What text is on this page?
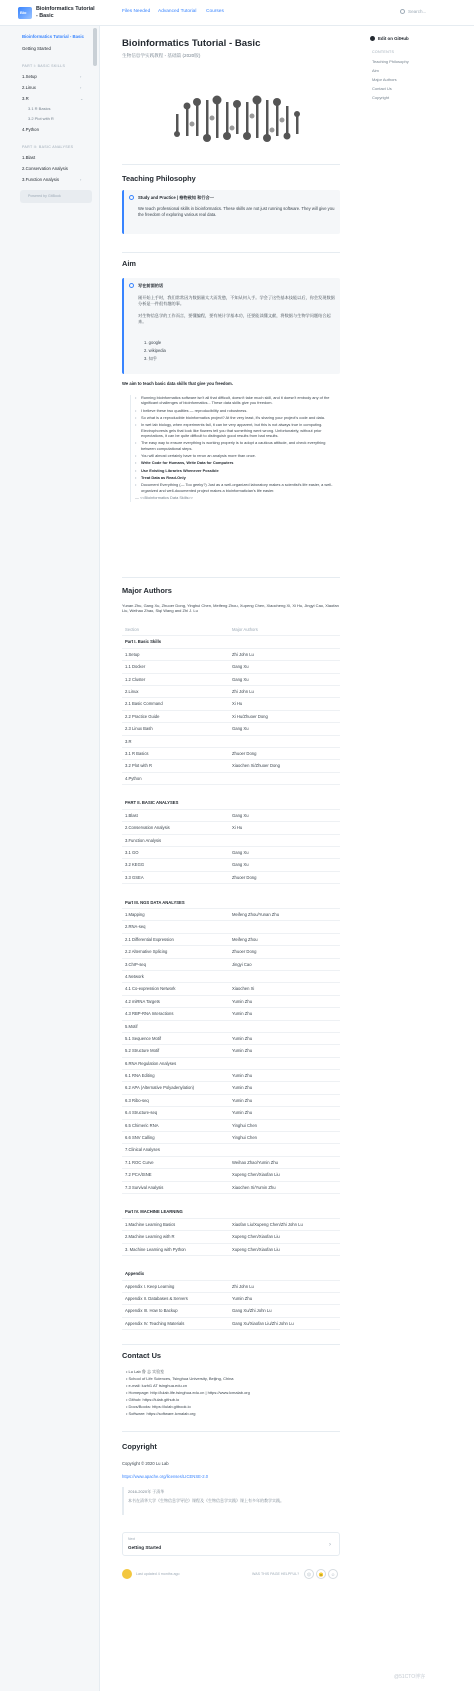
Bio
Bioinformatics Tutorial - Basic
Files Needed Advanced Tutorial Courses	Search...
Bioinformatics Tutorial - Basic
Getting Started
PART I: BASIC SKILLS
1.Setup	›
2.Linux	›
3.R	⌄
3.1 R Basics
3.2 Plot with R
4.Python
PART II: BASIC ANALYSES
1.Blast
2.Conservation Analysis
3.Function Analysis	›
Powered by GitBook
Bioinformatics Tutorial - Basic
生物信息学实践教程 - 基础篇 (2020版)
Teaching Philosophy
Study and Practice | 格物致知 和行合一

We teach professional skills in bioinformatics. These skills are not just running software. They will give you the freedom of exploring various real data.

Aim
写在前面的话

刚开始上手时，我们常常因为数据量太大而发愁，不知从何入手。学会了这些基本技能以后，你会发现数据分析是一件很有趣的事。

对生物信息学的工作而言，要懂编程，要有统计学基本功，还要能读懂文献，将数据与生物学问题结合起来。

1. google
2. wikipedia
3. 知乎
We aim to teach basic data skills that give you freedom.
• Running bioinformatics software isn't all that difficult, doesn't take much skill, and it doesn't embody any of the significant challenges of bioinformatics... These data skills give you freedom.
• I believe these two qualities — reproducibility and robustness.
• So what is a reproducible bioinformatics project? At the very least, it's sharing your project's code and data.
• In wet lab biology, when experiments fail, it can be very apparent, but this is not always true in computing. Electrophoresis gels that look like flowers tell you that something went wrong. Unfortunately, without prior expectations, it can be quite difficult to distinguish good results from bad results.
• The easy way to ensure everything is working properly is to adopt a cautious attitude, and check everything between computational steps.
• You will almost certainly have to rerun an analysis more than once.
• Write Code for Humans, Write Data for Computers
• Use Existing Libraries Whenever Possible
• Treat Data as Read-Only
• Document Everything (— Too geeky?) Just as a well-organized laboratory makes a scientist's life easier, a well-organized and well-documented project makes a bioinformatician's life easier.
— <<Bioinformatics Data Skills>>
Major Authors
Yunan Zhu, Gang Xu, Zhuoer Dong, Yinghui Chen, Meifeng Zhou, Xupeng Chen, Xiaocheng Xi, Xi Hu, Jingyi Cao, Xiaofan Liu, Weihao Zhao, Siqi Wang and Zhi J. Lu
Section	Major Authors
Part I. Basic Skills
1.Setup	Zhi John Lu
1.1 Docker	Gang Xu
1.2 Cluster	Gang Xu
2.Linux	Zhi John Lu
2.1 Basic Command	Xi Hu
2.2 Practice Guide	Xi Hu/Zhuoer Dong
2.3 Linux Bash	Gang Xu
3.R
3.1 R Basics	Zhuoer Dong
3.2 Plot with R	Xiaochen Xi/Zhuoer Dong
4.Python
PART II. BASIC ANALYSES
1.Blast	Gang Xu
2.Conservation Analysis	Xi Hu
3.Function Analysis
3.1 GO	Gang Xu
3.2 KEGG	Gang Xu
3.3 GSEA	Zhuoer Dong
Part III. NGS DATA ANALYSES
1.Mapping	Meifeng Zhou/Yunan Zhu
2.RNA-seq
2.1 Differential Expression	Meifeng Zhou
2.2 Alternative Splicing	Zhuoer Dong
3.ChIP-seq	Jingyi Cao
4.Network
4.1 Co-expression Network	Xiaochen Xi
4.2 miRNA Targets	Yumin Zhu
4.3 RBP-RNA Interactions	Yumin Zhu
5.Motif
5.1 Sequence Motif	Yumin Zhu
5.2 Structure Motif	Yumin Zhu
6.RNA Regulation Analyses
6.1 RNA Editing	Yumin Zhu
6.2 APA (Alternative Polyadenylation)	Yumin Zhu
6.3 Ribo-seq	Yumin Zhu
6.4 Structure-seq	Yumin Zhu
6.5 Chimeric RNA	Yinghui Chen
6.6 SNV Calling	Yinghui Chen
7.Clinical Analyses
7.1 ROC Curve	Weihao Zhao/Yumin Zhu
7.2 PCA/tSNE	Xupeng Chen/Xiaofan Liu
7.3 Survival Analysis	Xiaochen Xi/Yumin Zhu
Part IV. MACHINE LEARNING
1.Machine Learning Basics	Xiaofan Liu/Xupeng Chen/Zhi John Lu
2.Machine Learning with R	Xupeng Chen/Xiaofan Liu
3. Machine Learning with Python	Xupeng Chen/Xiaofan Liu
Appendix
Appendix I. Keep Learning	Zhi John Lu
Appendix II. Databases & Servers	Yumin Zhu
Appendix III. How to Backup	Gang Xu/Zhi John Lu
Appendix IV. Teaching Materials	Gang Xu/Xiaofan Liu/Zhi John Lu
Contact Us
• Lu Lab 鲁 志 实验室
• School of Life Sciences, Tsinghua University, Beijing, China
• e-mail: luzhi1 AT tsinghua.edu.cn
• Homepage: http://lulab.life.tsinghua.edu.cn | https://www.lcmalab.org
• Github: https://lulab.github.io
• Docs/Books: https://lulab.gitbook.io
• Software: https://software.lcmalab.org
Copyright
Copyright © 2020 Lu Lab
https://www.apache.org/licenses/LICENSE-2.0
2016-2020年 于清华
本书在清华大学《生物信息学导论》课程及《生物信息学实践》课上有多年的教学实践。
Next
Getting Started	›
Last updated 4 months ago	WAS THIS PAGE HELPFUL?	☹ 😐 ☺
Edit on GitHub
CONTENTS
Teaching Philosophy
Aim
Major Authors
Contact Us
Copyright
@51CTO博客
